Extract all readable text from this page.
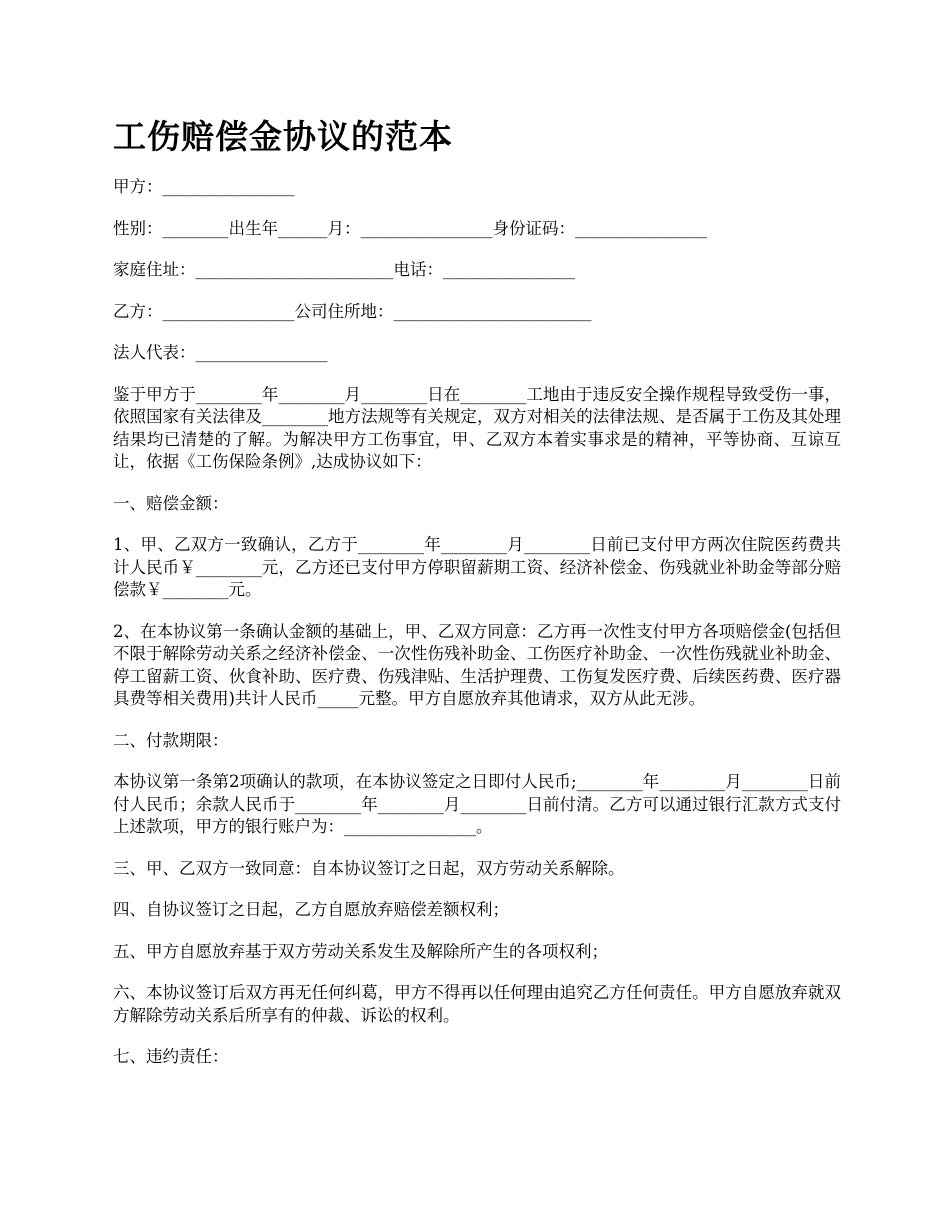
工伤赔偿金协议的范本

甲方：________________

性别：________出生年______月：________________身份证码：________________

家庭住址：________________________电话：________________

乙方：________________公司住所地：________________________

法人代表：________________

鉴于甲方于________年________月________日在________工地由于违反安全操作规程导致受伤一事，依照国家有关法律及________地方法规等有关规定，双方对相关的法律法规、是否属于工伤及其处理结果均已清楚的了解。为解决甲方工伤事宜，甲、乙双方本着实事求是的精神，平等协商、互谅互让，依据《工伤保险条例》,达成协议如下：

一、赔偿金额：

1、甲、乙双方一致确认，乙方于________年________月________日前已支付甲方两次住院医药费共计人民币￥________元，乙方还已支付甲方停职留薪期工资、经济补偿金、伤残就业补助金等部分赔偿款￥________元。

2、在本协议第一条确认金额的基础上，甲、乙双方同意：乙方再一次性支付甲方各项赔偿金(包括但不限于解除劳动关系之经济补偿金、一次性伤残补助金、工伤医疗补助金、一次性伤残就业补助金、停工留薪工资、伙食补助、医疗费、伤残津贴、生活护理费、工伤复发医疗费、后续医药费、医疗器具费等相关费用)共计人民币_____元整。甲方自愿放弃其他请求，双方从此无涉。

二、付款期限：

本协议第一条第2项确认的款项，在本协议签定之日即付人民币;________年________月________日前付人民币；余款人民币于________年________月________日前付清。乙方可以通过银行汇款方式支付上述款项，甲方的银行账户为：________________。

三、甲、乙双方一致同意：自本协议签订之日起，双方劳动关系解除。

四、自协议签订之日起，乙方自愿放弃赔偿差额权利；

五、甲方自愿放弃基于双方劳动关系发生及解除所产生的各项权利；

六、本协议签订后双方再无任何纠葛，甲方不得再以任何理由追究乙方任何责任。甲方自愿放弃就双方解除劳动关系后所享有的仲裁、诉讼的权利。

七、违约责任：
